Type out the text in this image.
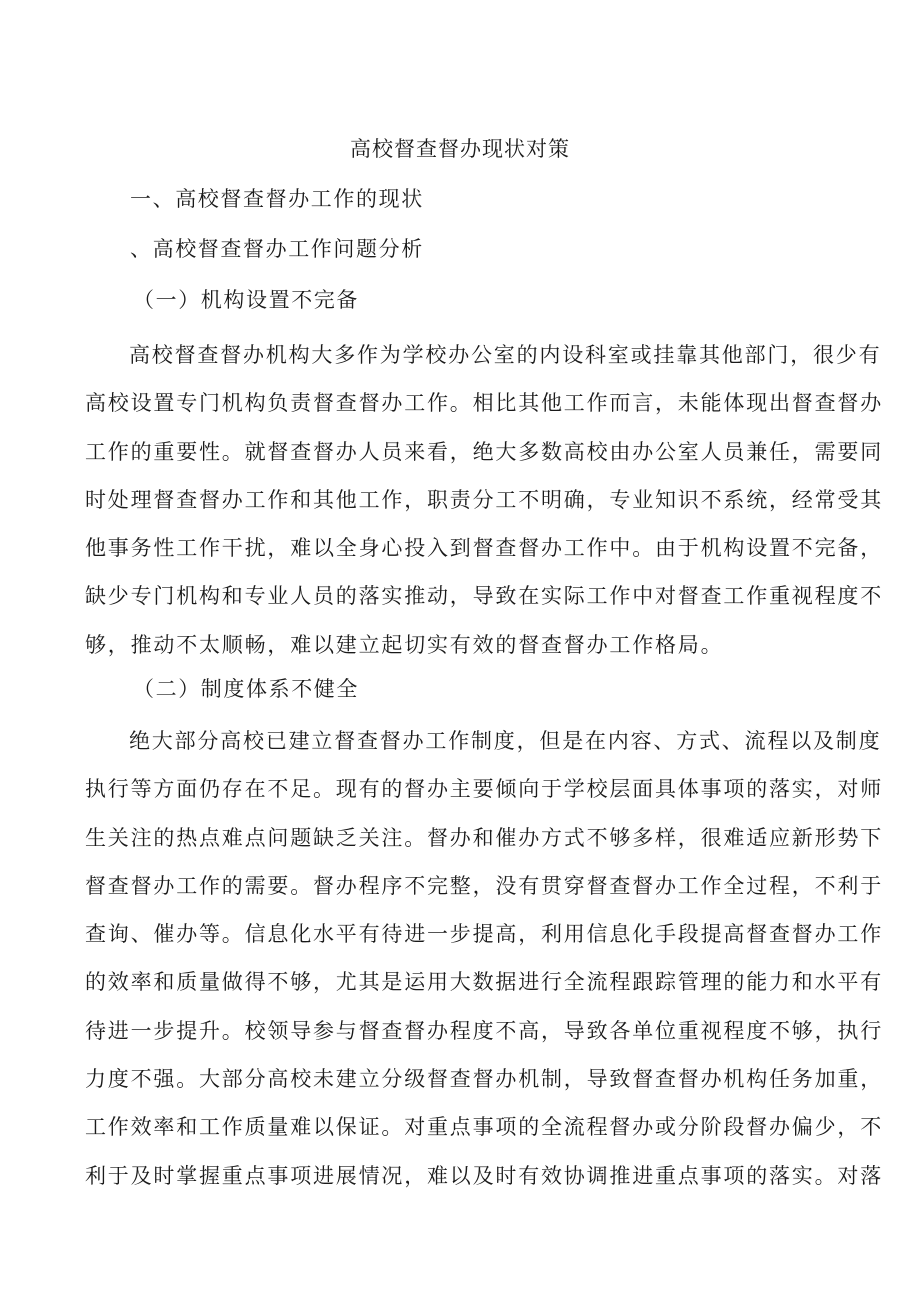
高校督查督办现状对策
一、高校督查督办工作的现状
、高校督查督办工作问题分析
（一）机构设置不完备
高校督查督办机构大多作为学校办公室的内设科室或挂靠其他部门，很少有
高校设置专门机构负责督查督办工作。相比其他工作而言，未能体现出督查督办
工作的重要性。就督查督办人员来看，绝大多数高校由办公室人员兼任，需要同
时处理督查督办工作和其他工作，职责分工不明确，专业知识不系统，经常受其
他事务性工作干扰，难以全身心投入到督查督办工作中。由于机构设置不完备，
缺少专门机构和专业人员的落实推动，导致在实际工作中对督查工作重视程度不
够，推动不太顺畅，难以建立起切实有效的督查督办工作格局。
（二）制度体系不健全
绝大部分高校已建立督查督办工作制度，但是在内容、方式、流程以及制度
执行等方面仍存在不足。现有的督办主要倾向于学校层面具体事项的落实，对师
生关注的热点难点问题缺乏关注。督办和催办方式不够多样，很难适应新形势下
督查督办工作的需要。督办程序不完整，没有贯穿督查督办工作全过程，不利于
查询、催办等。信息化水平有待进一步提高，利用信息化手段提高督查督办工作
的效率和质量做得不够，尤其是运用大数据进行全流程跟踪管理的能力和水平有
待进一步提升。校领导参与督查督办程度不高，导致各单位重视程度不够，执行
力度不强。大部分高校未建立分级督查督办机制，导致督查督办机构任务加重，
工作效率和工作质量难以保证。对重点事项的全流程督办或分阶段督办偏少，不
利于及时掌握重点事项进展情况，难以及时有效协调推进重点事项的落实。对落
